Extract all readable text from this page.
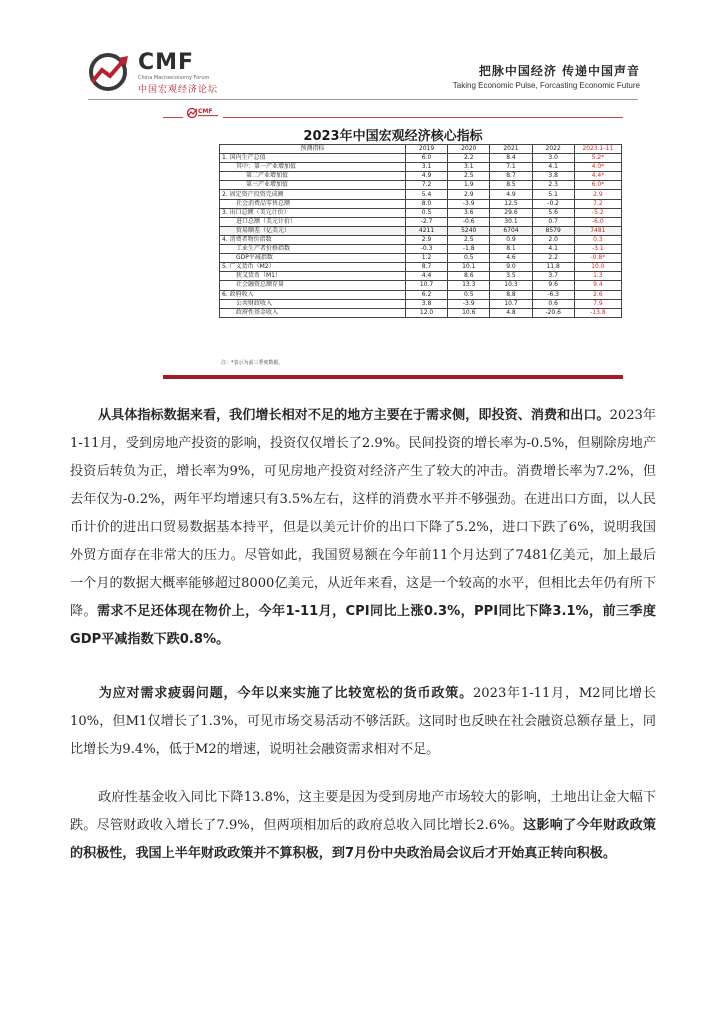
CMF
China Macroeconomy Forum
中国宏观经济论坛
把脉中国经济 传递中国声音
Taking Economic Pulse, Forcasting Economic Future
CMF
2023年中国宏观经济核心指标
预测指标	2019	2020	2021	2022	2023.1-11
1. 国内生产总值	6.0	2.2	8.4	3.0	5.2*
其中：第一产业增加值	3.1	3.1	7.1	4.1	4.0*
第二产业增加值	4.9	2.5	8.7	3.8	4.4*
第三产业增加值	7.2	1.9	8.5	2.3	6.0*
2. 固定资产投资完成额	5.4	2.9	4.9	5.1	2.9
社会消费品零售总额	8.0	-3.9	12.5	-0.2	7.2
3. 出口总额（美元计价）	0.5	3.6	29.6	5.6	-5.2
进口总额（美元计价）	-2.7	-0.6	30.1	0.7	-6.0
贸易顺差（亿美元）	4211	5240	6704	8579	7481
4. 消费者物价指数	2.9	2.5	0.9	2.0	0.3
工业生产者价格指数	-0.3	-1.8	8.1	4.1	-3.1
GDP平减指数	1.2	0.5	4.6	2.2	-0.8*
5. 广义货币（M2）	8.7	10.1	9.0	11.8	10.0
狭义货币（M1）	4.4	8.6	3.5	3.7	1.3
社会融资总额存量	10.7	13.3	10.3	9.6	9.4
6. 政府收入	6.2	0.5	8.8	-6.3	2.6
公共财政收入	3.8	-3.9	10.7	0.6	7.9
政府性基金收入	12.0	10.6	4.8	-20.6	-13.8
注：*表示为前三季度数据。

从具体指标数据来看，我们增长相对不足的地方主要在于需求侧，即投资、消费和出口。2023年1-11月，受到房地产投资的影响，投资仅仅增长了2.9%。民间投资的增长率为-0.5%，但剔除房地产投资后转负为正，增长率为9%，可见房地产投资对经济产生了较大的冲击。消费增长率为7.2%，但去年仅为-0.2%，两年平均增速只有3.5%左右，这样的消费水平并不够强劲。在进出口方面，以人民币计价的进出口贸易数据基本持平，但是以美元计价的出口下降了5.2%，进口下跌了6%，说明我国外贸方面存在非常大的压力。尽管如此，我国贸易额在今年前11个月达到了7481亿美元，加上最后一个月的数据大概率能够超过8000亿美元，从近年来看，这是一个较高的水平，但相比去年仍有所下降。需求不足还体现在物价上，今年1-11月，CPI同比上涨0.3%，PPI同比下降3.1%，前三季度GDP平减指数下跌0.8%。

为应对需求疲弱问题，今年以来实施了比较宽松的货币政策。2023年1-11月，M2同比增长10%，但M1仅增长了1.3%，可见市场交易活动不够活跃。这同时也反映在社会融资总额存量上，同比增长为9.4%，低于M2的增速，说明社会融资需求相对不足。

政府性基金收入同比下降13.8%，这主要是因为受到房地产市场较大的影响，土地出让金大幅下跌。尽管财政收入增长了7.9%，但两项相加后的政府总收入同比增长2.6%。这影响了今年财政政策的积极性，我国上半年财政政策并不算积极，到7月份中央政治局会议后才开始真正转向积极。
